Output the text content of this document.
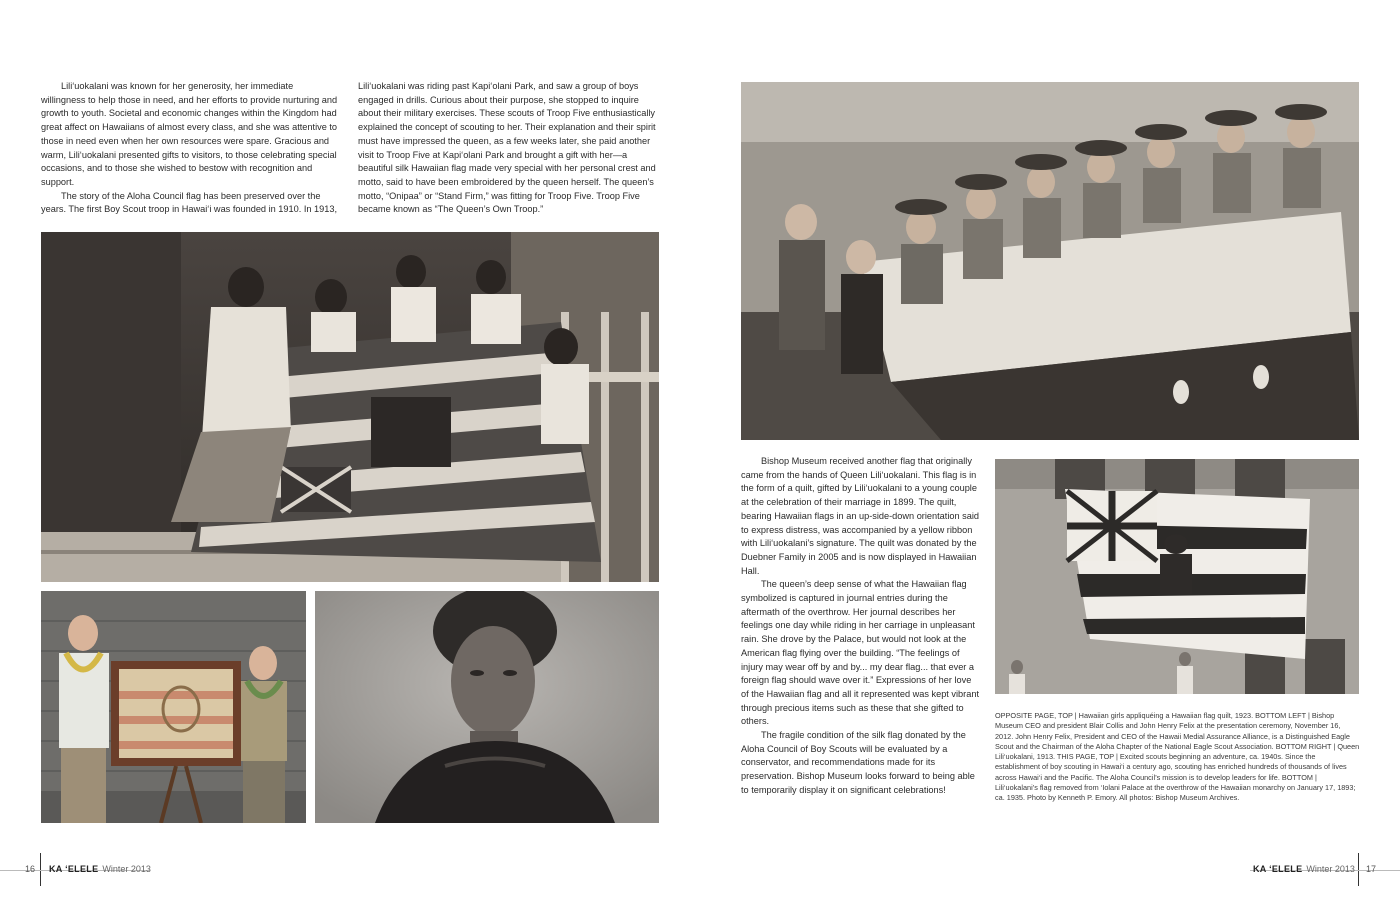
Lili‘uokalani was known for her generosity, her immediate willingness to help those in need, and her efforts to provide nurturing and growth to youth. Societal and economic changes within the Kingdom had great affect on Hawaiians of almost every class, and she was attentive to those in need even when her own resources were spare. Gracious and warm, Lili‘uokalani presented gifts to visitors, to those celebrating special occasions, and to those she wished to bestow with recognition and support.

The story of the Aloha Council flag has been preserved over the years. The first Boy Scout troop in Hawai‘i was founded in 1910. In 1913,

Lili‘uokalani was riding past Kapi‘olani Park, and saw a group of boys engaged in drills. Curious about their purpose, she stopped to inquire about their military exercises. These scouts of Troop Five enthusiastically explained the concept of scouting to her. Their explanation and their spirit must have impressed the queen, as a few weeks later, she paid another visit to Troop Five at Kapi‘olani Park and brought a gift with her—a beautiful silk Hawaiian flag made very special with her personal crest and motto, said to have been embroidered by the queen herself. The queen’s motto, “Onipaa” or “Stand Firm,” was fitting for Troop Five. Troop Five became known as “The Queen’s Own Troop.”

Bishop Museum received another flag that originally came from the hands of Queen Lili‘uokalani. This flag is in the form of a quilt, gifted by Lili‘uokalani to a young couple at the celebration of their marriage in 1899. The quilt, bearing Hawaiian flags in an up-side-down orientation said to express distress, was accompanied by a yellow ribbon with Lili‘uokalani’s signature. The quilt was donated by the Duebner Family in 2005 and is now displayed in Hawaiian Hall.

The queen’s deep sense of what the Hawaiian flag symbolized is captured in journal entries during the aftermath of the overthrow. Her journal describes her feelings one day while riding in her carriage in unpleasant rain. She drove by the Palace, but would not look at the American flag flying over the building. “The feelings of injury may wear off by and by... my dear flag... that ever a foreign flag should wave over it.” Expressions of her love of the Hawaiian flag and all it represented was kept vibrant through precious items such as these that she gifted to others.

The fragile condition of the silk flag donated by the Aloha Council of Boy Scouts will be evaluated by a conservator, and recommendations made for its preservation. Bishop Museum looks forward to being able to temporarily display it on significant celebrations!

OPPOSITE PAGE, TOP | Hawaiian girls appliquéing a Hawaiian flag quilt, 1923. BOTTOM LEFT | Bishop Museum CEO and president Blair Collis and John Henry Felix at the presentation ceremony, November 16, 2012. John Henry Felix, President and CEO of the Hawaii Medial Assurance Alliance, is a Distinguished Eagle Scout and the Chairman of the Aloha Chapter of the National Eagle Scout Association. BOTTOM RIGHT | Queen Lili‘uokalani, 1913. THIS PAGE, TOP | Excited scouts beginning an adventure, ca. 1940s. Since the establishment of boy scouting in Hawai‘i a century ago, scouting has enriched hundreds of thousands of lives across Hawai‘i and the Pacific. The Aloha Council’s mission is to develop leaders for life. BOTTOM | Lili‘uokalani’s flag removed from ‘Iolani Palace at the overthrow of the Hawaiian monarchy on January 17, 1893; ca. 1935. Photo by Kenneth P. Emory. All photos: Bishop Museum Archives.
16 KA ‘ELELE Winter 2013	KA ‘ELELE Winter 2013 17
